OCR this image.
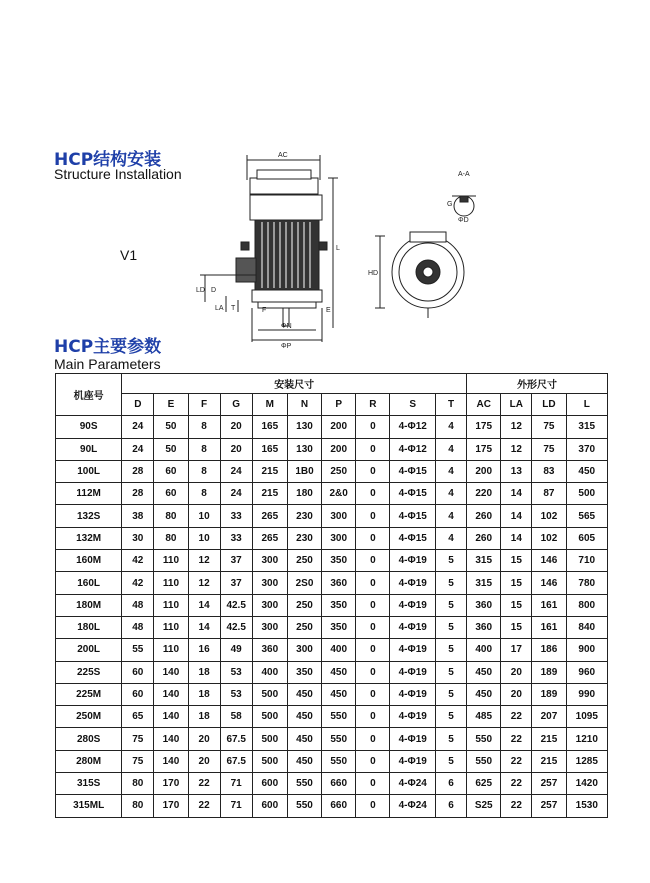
HCP结构安装
Structure Installation
V1
AC
L
LD D
LA T	E
F
ΦN
ΦP
HD
A-A
G
ΦD
HCP主要参数
Main Parameters
机座号	安装尺寸										外形尺寸			
	D	E	F	G	M	N	P	R	S	T	AC	LA	LD	L
90S	24	50	8	20	165	130	200	0	4-Φ12	4	175	12	75	315
90L	24	50	8	20	165	130	200	0	4-Φ12	4	175	12	75	370
100L	28	60	8	24	215	1B0	250	0	4-Φ15	4	200	13	83	450
112M	28	60	8	24	215	180	2&0	0	4-Φ15	4	220	14	87	500
132S	38	80	10	33	265	230	300	0	4-Φ15	4	260	14	102	565
132M	30	80	10	33	265	230	300	0	4-Φ15	4	260	14	102	605
160M	42	110	12	37	300	250	350	0	4-Φ19	5	315	15	146	710
160L	42	110	12	37	300	2S0	360	0	4-Φ19	5	315	15	146	780
180M	48	110	14	42.5	300	250	350	0	4-Φ19	5	360	15	161	800
180L	48	110	14	42.5	300	250	350	0	4-Φ19	5	360	15	161	840
200L	55	110	16	49	360	300	400	0	4-Φ19	5	400	17	186	900
225S	60	140	18	53	400	350	450	0	4-Φ19	5	450	20	189	960
225M	60	140	18	53	500	450	450	0	4-Φ19	5	450	20	189	990
250M	65	140	18	58	500	450	550	0	4-Φ19	5	485	22	207	1095
280S	75	140	20	67.5	500	450	550	0	4-Φ19	5	550	22	215	1210
280M	75	140	20	67.5	500	450	550	0	4-Φ19	5	550	22	215	1285
315S	80	170	22	71	600	550	660	0	4-Φ24	6	625	22	257	1420
315ML	80	170	22	71	600	550	660	0	4-Φ24	6	S25	22	257	1530
